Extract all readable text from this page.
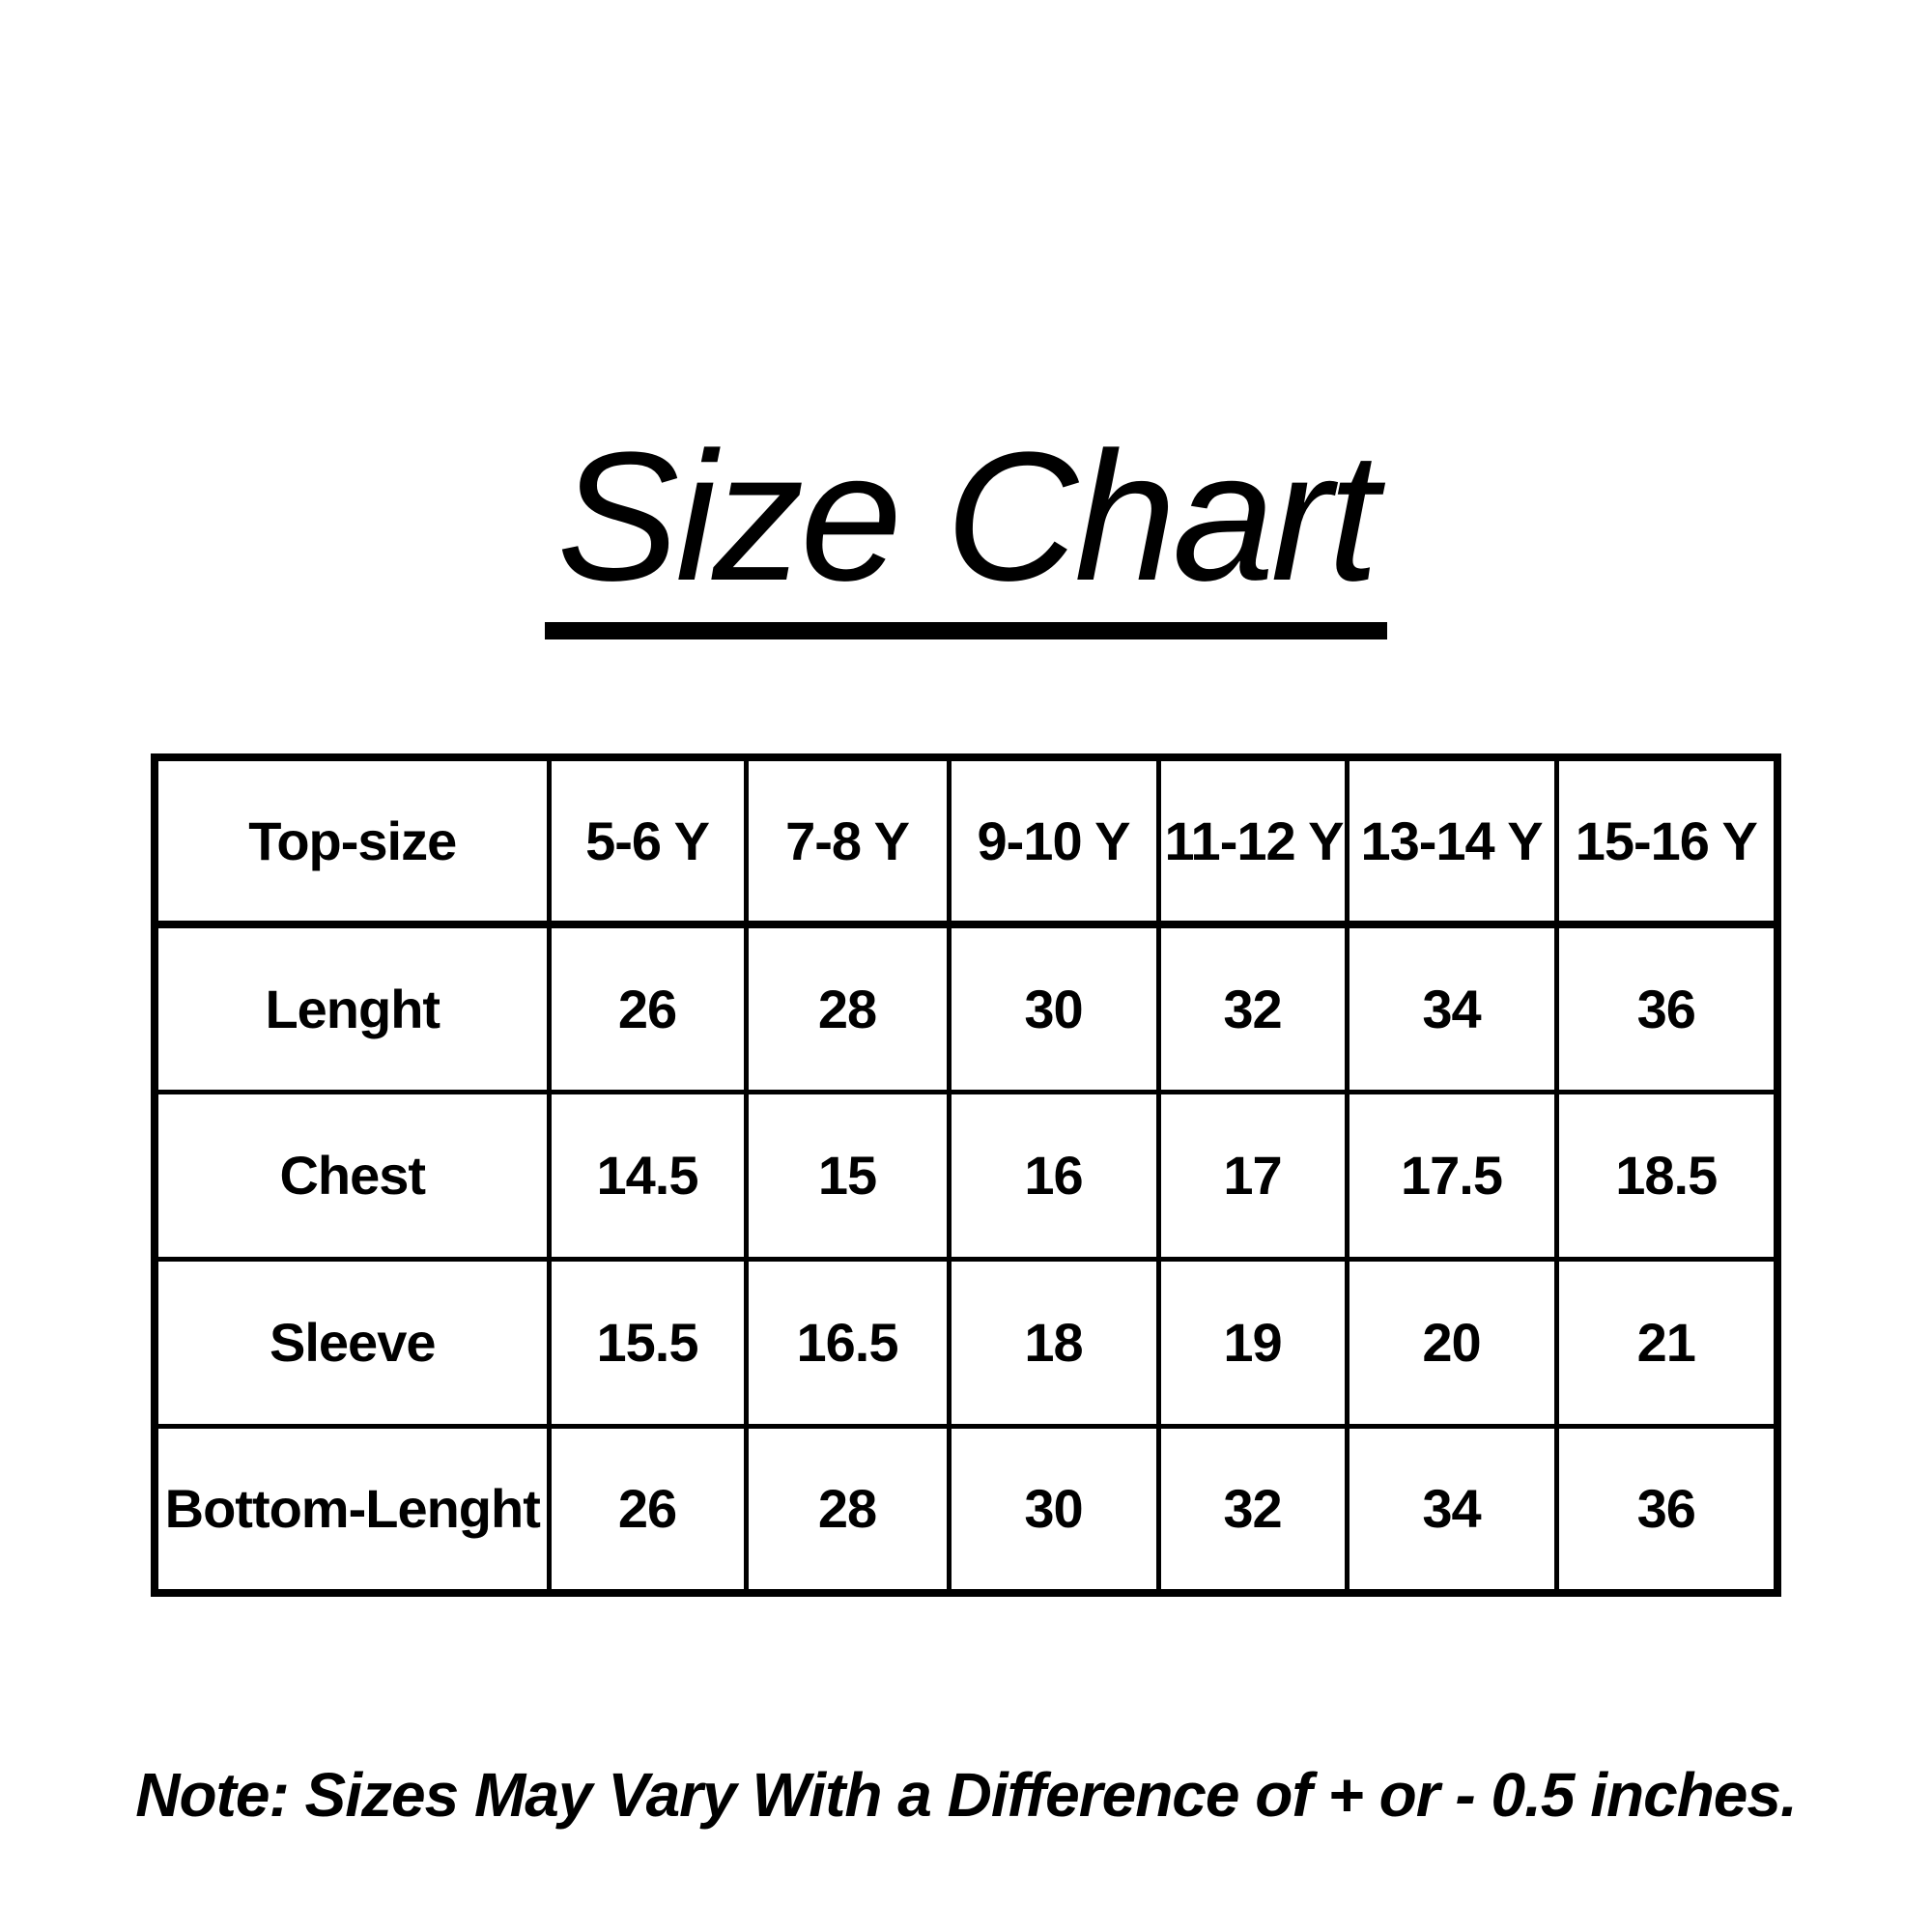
Size Chart
Top-size	5-6 Y	7-8 Y	9-10 Y	11-12 Y	13-14 Y	15-16 Y
Lenght	26	28	30	32	34	36
Chest	14.5	15	16	17	17.5	18.5
Sleeve	15.5	16.5	18	19	20	21
Bottom-Lenght	26	28	30	32	34	36

Note: Sizes May Vary With a Difference of + or - 0.5 inches.
